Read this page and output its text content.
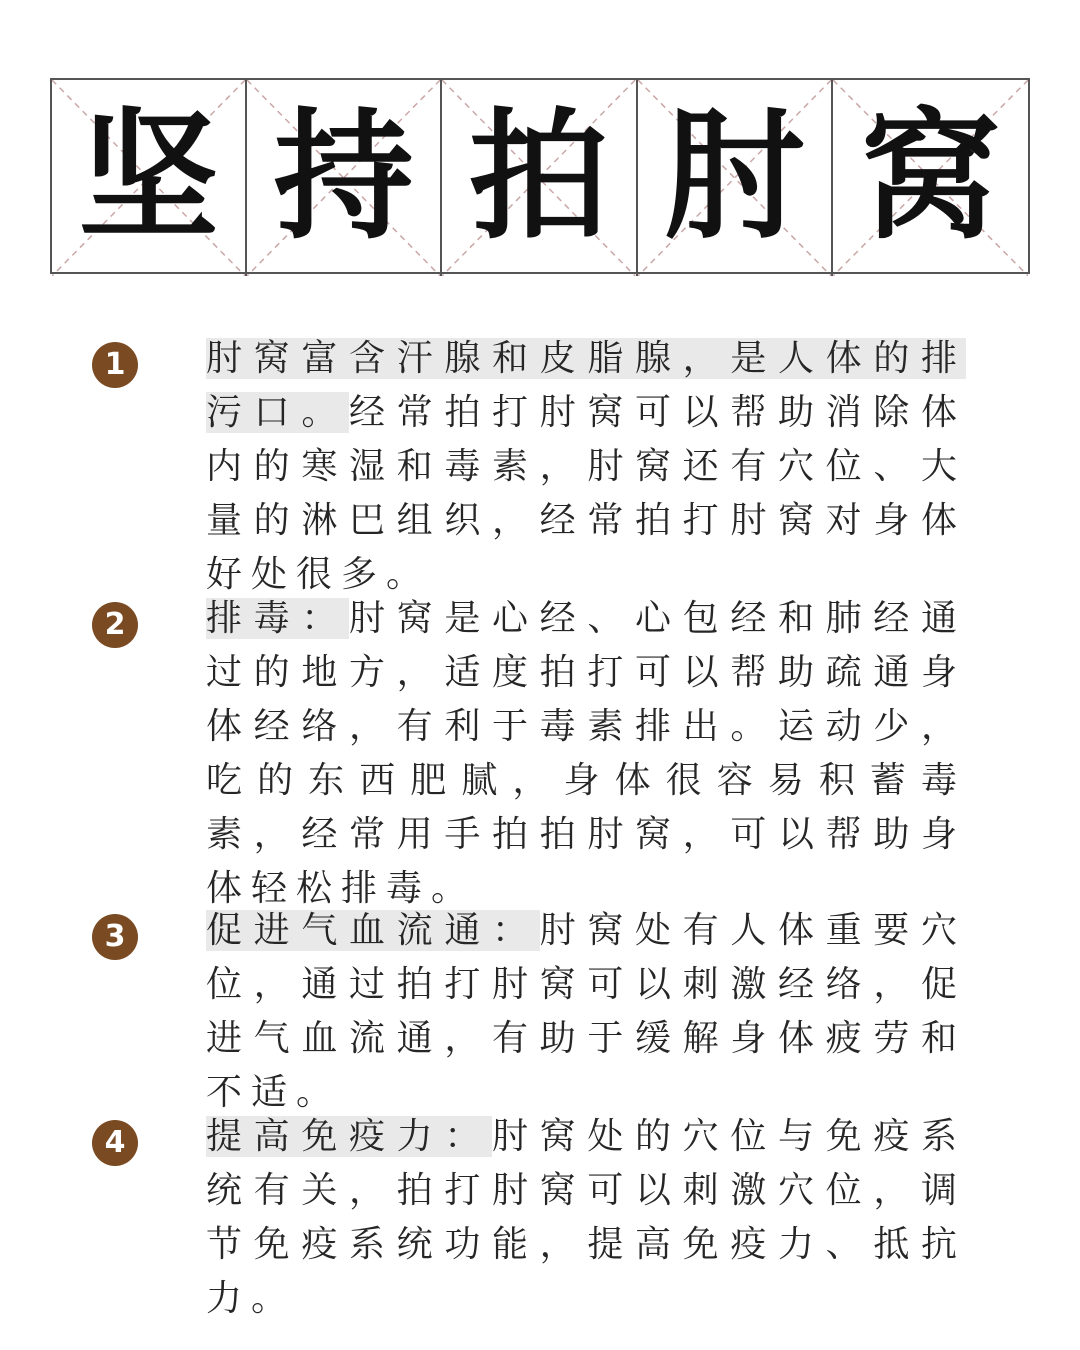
坚 持 拍 肘 窝
1	肘窝富含汗腺和皮脂腺，是人体的排污口。经常拍打肘窝可以帮助消除体内的寒湿和毒素，肘窝还有穴位、大量的淋巴组织，经常拍打肘窝对身体好处很多。
2	排毒：肘窝是心经、心包经和肺经通过的地方，适度拍打可以帮助疏通身体经络，有利于毒素排出。运动少，吃的东西肥腻，身体很容易积蓄毒素，经常用手拍拍肘窝，可以帮助身体轻松排毒。
3	促进气血流通：肘窝处有人体重要穴位，通过拍打肘窝可以刺激经络，促进气血流通，有助于缓解身体疲劳和不适。
4	提高免疫力：肘窝处的穴位与免疫系统有关，拍打肘窝可以刺激穴位，调节免疫系统功能，提高免疫力、抵抗力。
